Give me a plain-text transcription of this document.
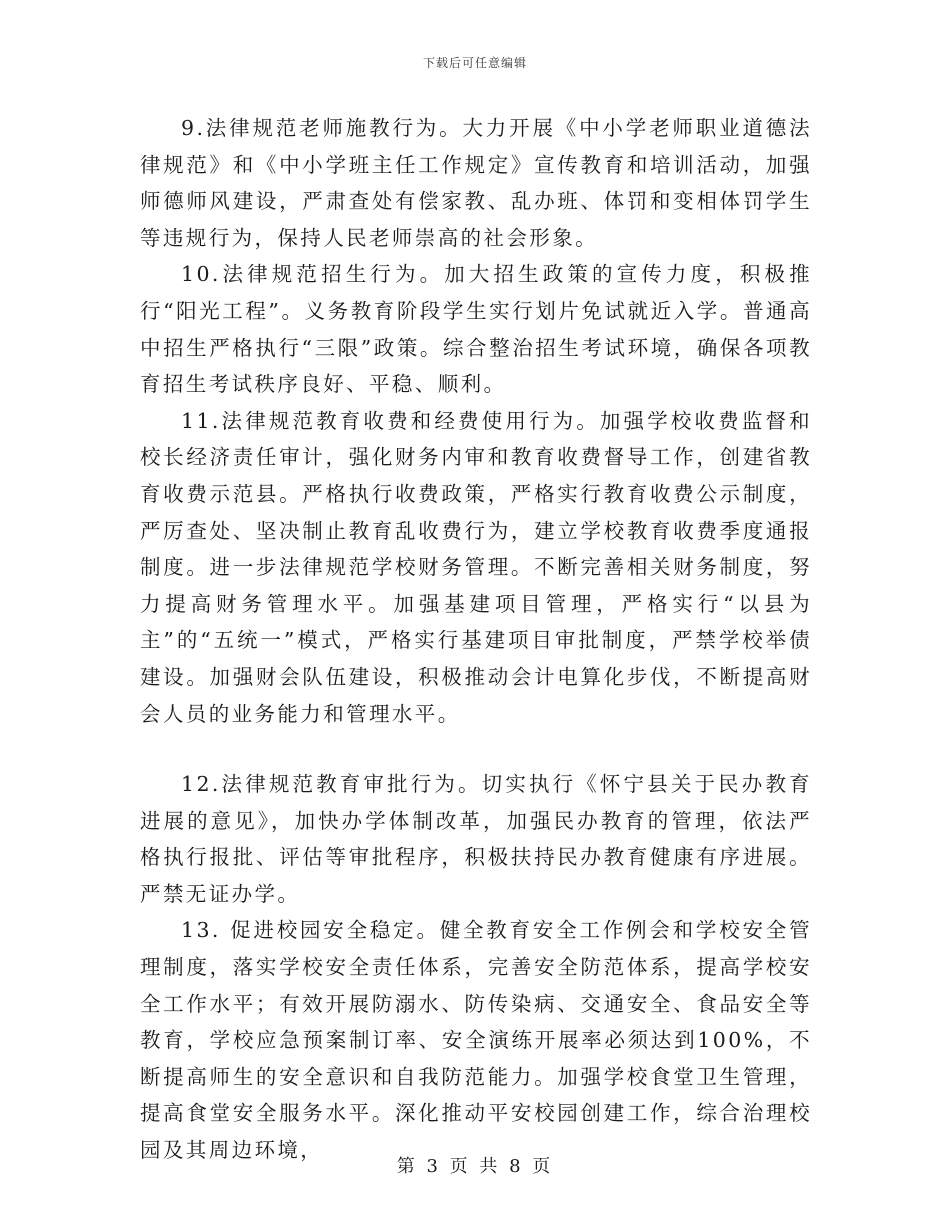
下载后可任意编辑

9.法律规范老师施教行为。大力开展《中小学老师职业道德法律规范》和《中小学班主任工作规定》宣传教育和培训活动，加强师德师风建设，严肃查处有偿家教、乱办班、体罚和变相体罚学生等违规行为，保持人民老师崇高的社会形象。

10.法律规范招生行为。加大招生政策的宣传力度，积极推行“阳光工程”。义务教育阶段学生实行划片免试就近入学。普通高中招生严格执行“三限”政策。综合整治招生考试环境，确保各项教育招生考试秩序良好、平稳、顺利。

11.法律规范教育收费和经费使用行为。加强学校收费监督和校长经济责任审计，强化财务内审和教育收费督导工作，创建省教育收费示范县。严格执行收费政策，严格实行教育收费公示制度，严厉查处、坚决制止教育乱收费行为，建立学校教育收费季度通报制度。进一步法律规范学校财务管理。不断完善相关财务制度，努力提高财务管理水平。加强基建项目管理，严格实行“以县为主”的“五统一”模式，严格实行基建项目审批制度，严禁学校举债建设。加强财会队伍建设，积极推动会计电算化步伐，不断提高财会人员的业务能力和管理水平。

12.法律规范教育审批行为。切实执行《怀宁县关于民办教育进展的意见》，加快办学体制改革，加强民办教育的管理，依法严格执行报批、评估等审批程序，积极扶持民办教育健康有序进展。严禁无证办学。

13. 促进校园安全稳定。健全教育安全工作例会和学校安全管理制度，落实学校安全责任体系，完善安全防范体系，提高学校安全工作水平；有效开展防溺水、防传染病、交通安全、食品安全等教育，学校应急预案制订率、安全演练开展率必须达到100%，不断提高师生的安全意识和自我防范能力。加强学校食堂卫生管理，提高食堂安全服务水平。深化推动平安校园创建工作，综合治理校园及其周边环境，

第 3 页 共 8 页
